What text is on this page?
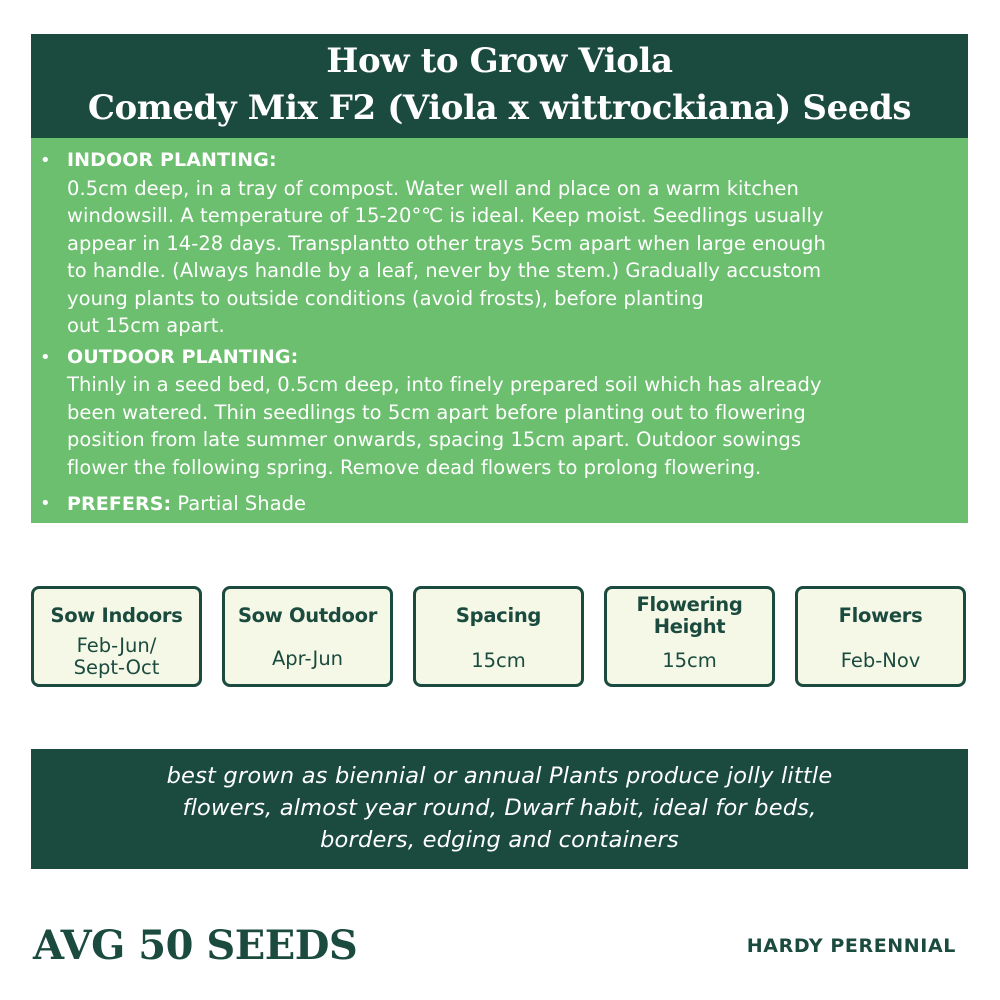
How to Grow Viola
Comedy Mix F2 (Viola x wittrockiana) Seeds
• INDOOR PLANTING:
0.5cm deep, in a tray of compost. Water well and place on a warm kitchen
windowsill. A temperature of 15-20°℃ is ideal. Keep moist. Seedlings usually
appear in 14-28 days. Transplantto other trays 5cm apart when large enough
to handle. (Always handle by a leaf, never by the stem.) Gradually accustom
young plants to outside conditions (avoid frosts), before planting
out 15cm apart.
• OUTDOOR PLANTING:
Thinly in a seed bed, 0.5cm deep, into finely prepared soil which has already
been watered. Thin seedlings to 5cm apart before planting out to flowering
position from late summer onwards, spacing 15cm apart. Outdoor sowings
flower the following spring. Remove dead flowers to prolong flowering.
• PREFERS: Partial Shade
Sow Indoors
Feb-Jun/
Sept-Oct
Sow Outdoor
Apr-Jun
Spacing
15cm
Flowering
Height
15cm
Flowers
Feb-Nov
best grown as biennial or annual Plants produce jolly little
flowers, almost year round, Dwarf habit, ideal for beds,
borders, edging and containers
AVG 50 SEEDS	HARDY PERENNIAL
